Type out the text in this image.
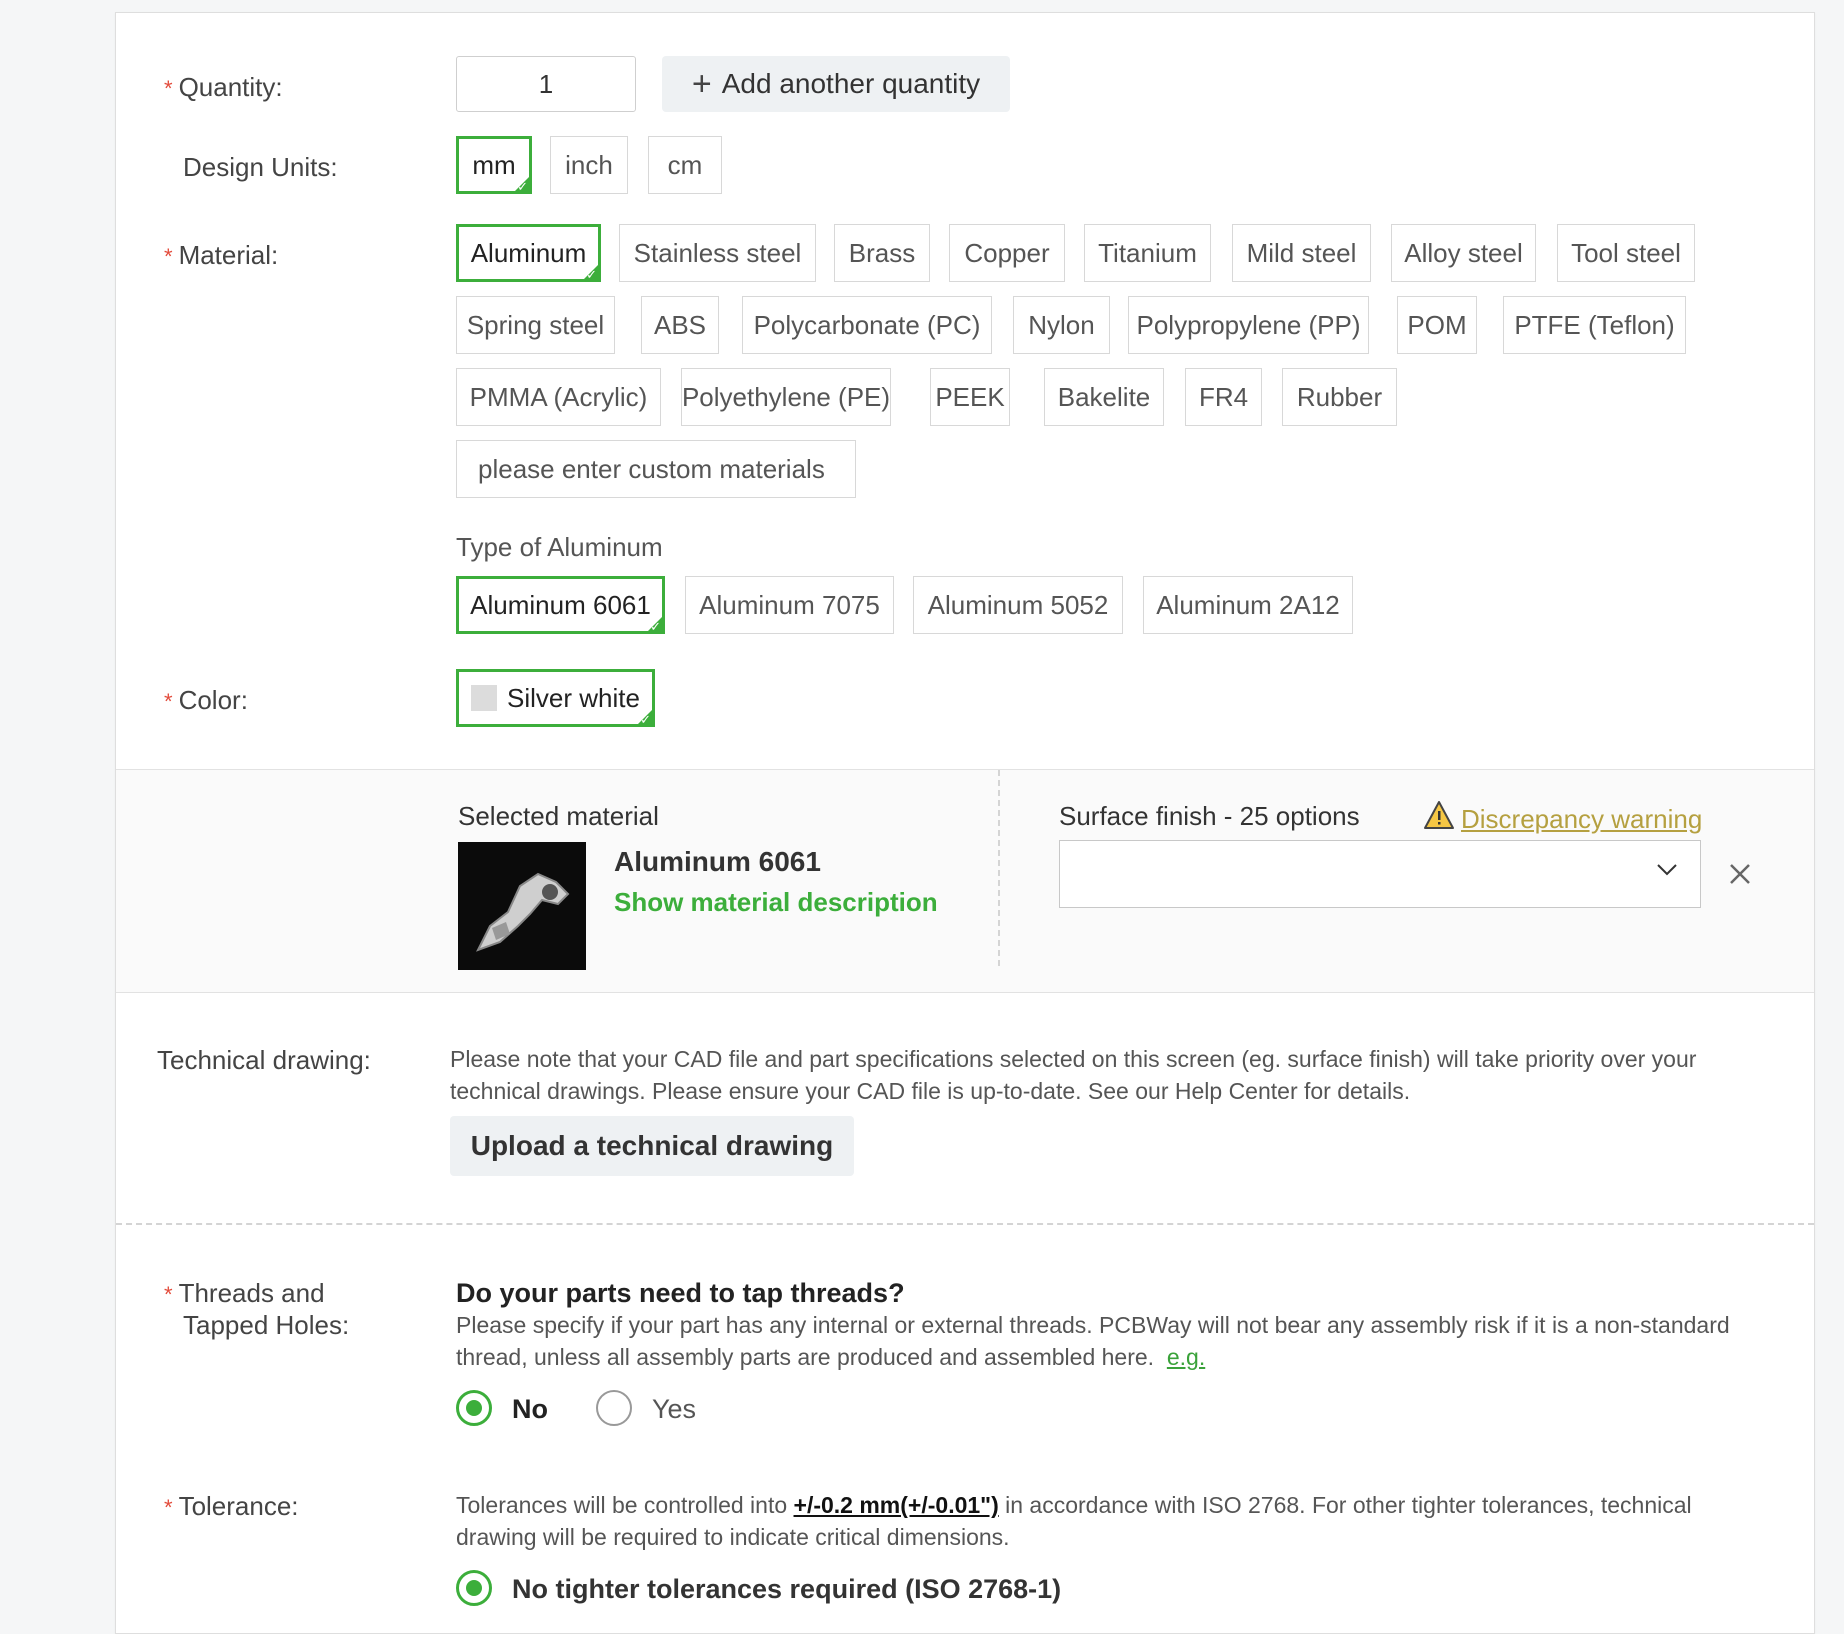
* Quantity:	1	+ Add another quantity
Design Units:	✓ mm inch cm
* Material:	✓ Aluminum Stainless steel Brass Copper Titanium Mild steel Alloy steel Tool steel
Spring steel ABS Polycarbonate (PC) Nylon Polypropylene (PP) POM PTFE (Teflon)
PMMA (Acrylic) Polyethylene (PE) PEEK Bakelite FR4 Rubber
please enter custom materials
Type of Aluminum
✓ Aluminum 6061 Aluminum 7075 Aluminum 5052 Aluminum 2A12
* Color:	✓ Silver white
Selected material
Aluminum 6061
Show material description
Surface finish - 25 options	Discrepancy warning
Technical drawing:	Please note that your CAD file and part specifications selected on this screen (eg. surface finish) will take priority over your technical drawings. Please ensure your CAD file is up-to-date. See our Help Center for details.
Upload a technical drawing
* Threads and
Tapped Holes:
Do your parts need to tap threads?
Please specify if your part has any internal or external threads. PCBWay will not bear any assembly risk if it is a non-standard thread, unless all assembly parts are produced and assembled here. e.g.
No	Yes
* Tolerance:	Tolerances will be controlled into +/-0.2 mm(+/-0.01") in accordance with ISO 2768. For other tighter tolerances, technical drawing will be required to indicate critical dimensions.
No tighter tolerances required (ISO 2768-1)
